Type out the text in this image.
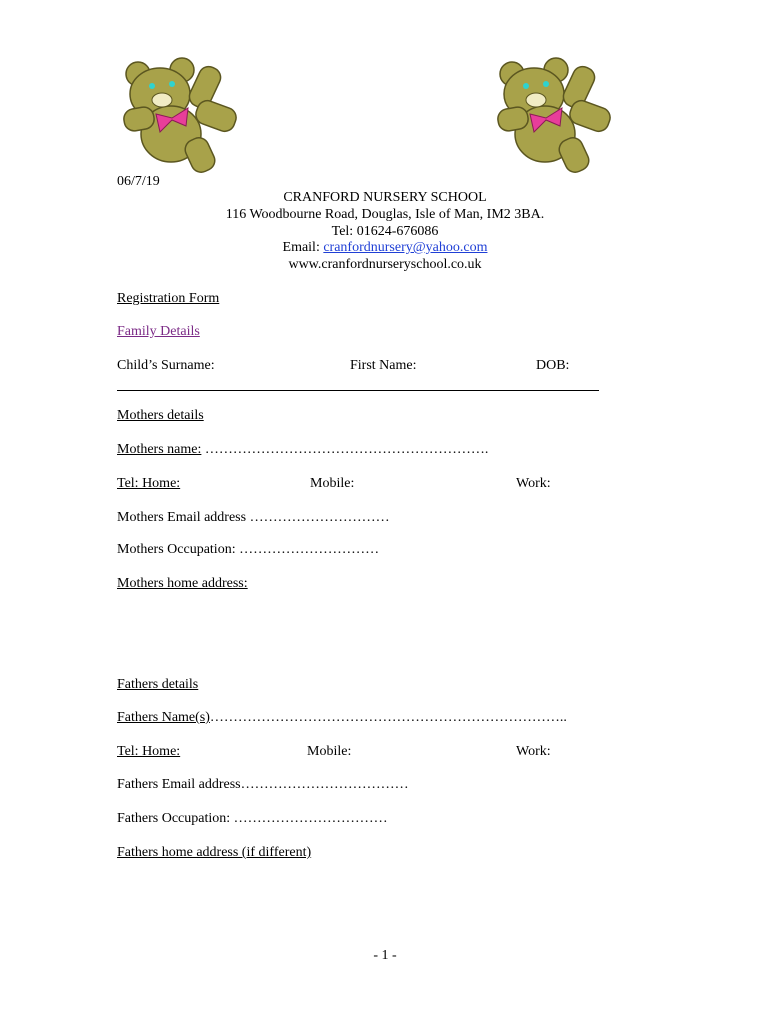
06/7/19
CRANFORD NURSERY SCHOOL
116 Woodbourne Road, Douglas, Isle of Man, IM2 3BA.
Tel: 01624-676086
Email: cranfordnursery@yahoo.com
www.cranfordnurseryschool.co.uk
Registration Form
Family Details
Child’s Surname:	First Name:	DOB:
Mothers details
Mothers name: …………………………………………………….
Tel: Home:	Mobile:	Work:
Mothers Email address …………………………
Mothers Occupation: …………………………
Mothers home address:
Fathers details
Fathers Name(s)…………………………………………………………………..
Tel: Home:	Mobile:	Work:
Fathers Email address………………………………
Fathers Occupation: ……………………………
Fathers home address (if different)
- 1 -
